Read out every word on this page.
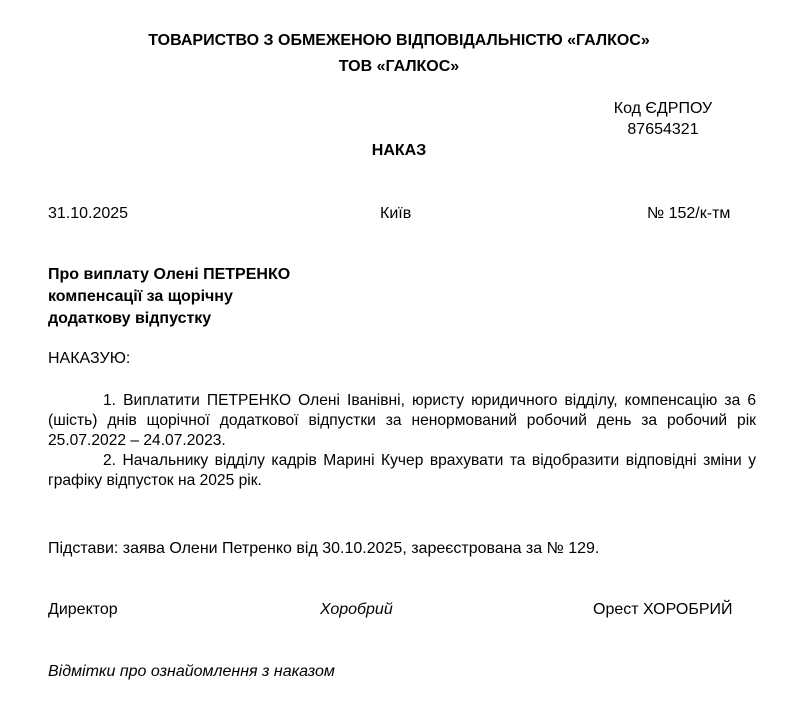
ТОВАРИСТВО З ОБМЕЖЕНОЮ ВІДПОВІДАЛЬНІСТЮ «ГАЛКОС»
ТОВ «ГАЛКОС»
Код ЄДРПОУ
87654321
НАКАЗ
31.10.2025	Київ	№ 152/к-тм
Про виплату Олені ПЕТРЕНКО
компенсації за щорічну
додаткову відпустку
НАКАЗУЮ:

1. Виплатити ПЕТРЕНКО Олені Іванівні, юристу юридичного відділу, компенсацію за 6 (шість) днів щорічної додаткової відпустки за ненормований робочий день за робочий рік 25.07.2022 – 24.07.2023.

2. Начальнику відділу кадрів Марині Кучер врахувати та відобразити відповідні зміни у графіку відпусток на 2025 рік.

Підстави: заява Олени Петренко від 30.10.2025, зареєстрована за № 129.
Директор	Хоробрий	Орест ХОРОБРИЙ
Відмітки про ознайомлення з наказом
